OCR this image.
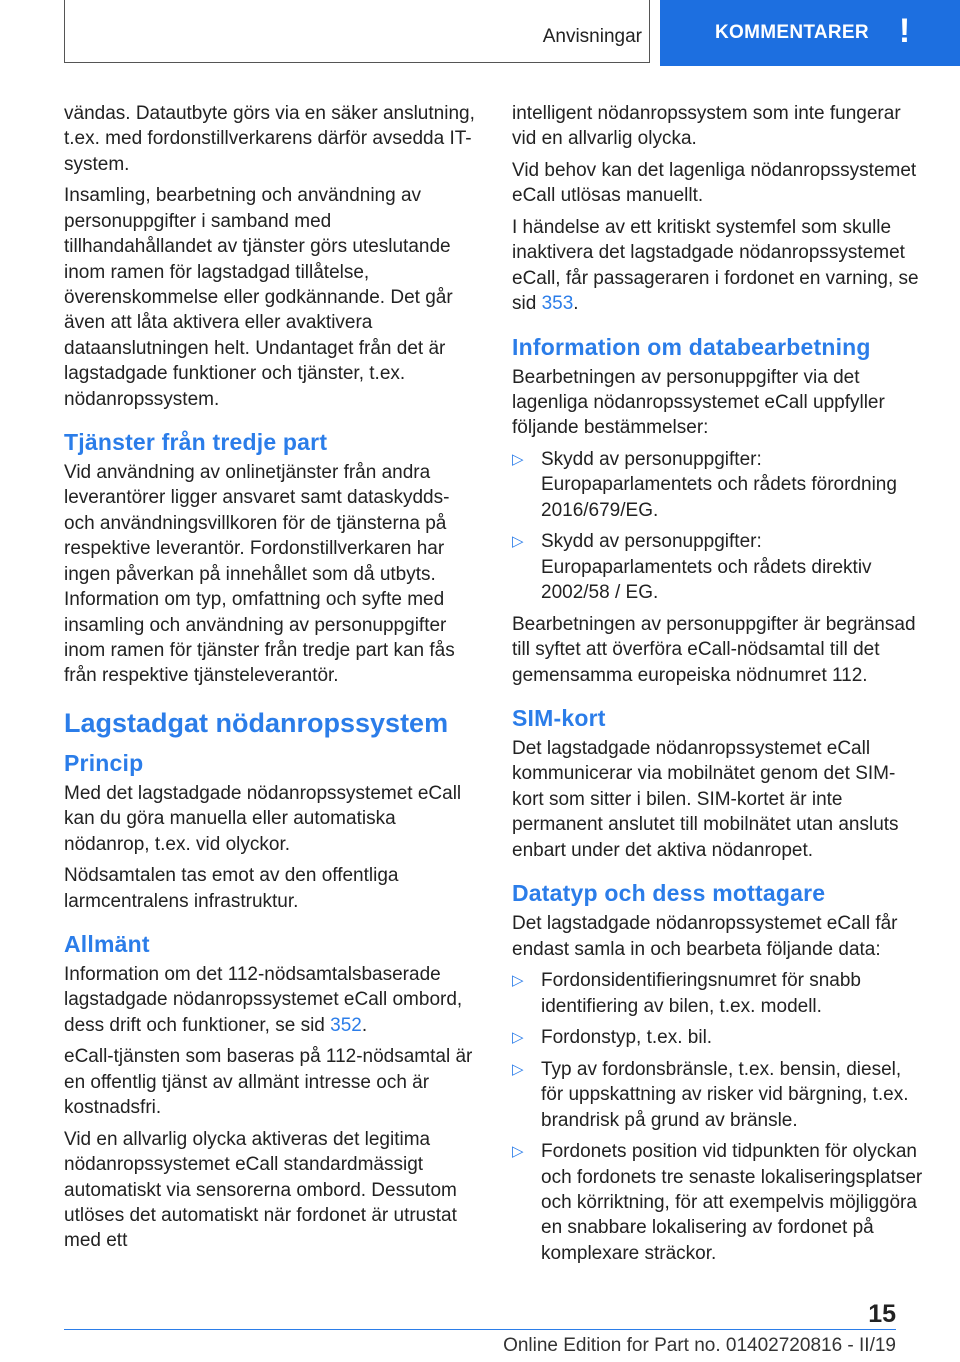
Anvisningar	KOMMENTARER !

vändas. Datautbyte görs via en säker anslutning, t.ex. med fordonstillverkarens därför avsedda IT-system.

Insamling, bearbetning och användning av personuppgifter i samband med tillhandahållandet av tjänster görs uteslutande inom ramen för lagstadgad tillåtelse, överenskommelse eller godkännande. Det går även att låta aktivera eller avaktivera dataanslutningen helt. Undantaget från det är lagstadgade funktioner och tjänster, t.ex. nödanropssystem.

Tjänster från tredje part

Vid användning av onlinetjänster från andra leverantörer ligger ansvaret samt dataskydds- och användningsvillkoren för de tjänsterna på respektive leverantör. Fordonstillverkaren har ingen påverkan på innehållet som då utbyts. Information om typ, omfattning och syfte med insamling och användning av personuppgifter inom ramen för tjänster från tredje part kan fås från respektive tjänsteleverantör.

Lagstadgat nödanropssystem
Princip

Med det lagstadgade nödanropssystemet eCall kan du göra manuella eller automatiska nödanrop, t.ex. vid olyckor.

Nödsamtalen tas emot av den offentliga larmcentralens infrastruktur.

Allmänt

Information om det 112-nödsamtalsbaserade lagstadgade nödanropssystemet eCall ombord, dess drift och funktioner, se sid 352.

eCall-tjänsten som baseras på 112-nödsamtal är en offentlig tjänst av allmänt intresse och är kostnadsfri.

Vid en allvarlig olycka aktiveras det legitima nödanropssystemet eCall standardmässigt automatiskt via sensorerna ombord. Dessutom utlöses det automatiskt när fordonet är utrustat med ett

intelligent nödanropssystem som inte fungerar vid en allvarlig olycka.

Vid behov kan det lagenliga nödanropssystemet eCall utlösas manuellt.

I händelse av ett kritiskt systemfel som skulle inaktivera det lagstadgade nödanropssystemet eCall, får passageraren i fordonet en varning, se sid 353.

Information om databearbetning

Bearbetningen av personuppgifter via det lagenliga nödanropssystemet eCall uppfyller följande bestämmelser:

▷ Skydd av personuppgifter: Europaparlamentets och rådets förordning 2016/679/EG.
▷ Skydd av personuppgifter: Europaparlamentets och rådets direktiv 2002/58 / EG.

Bearbetningen av personuppgifter är begränsad till syftet att överföra eCall-nödsamtal till det gemensamma europeiska nödnumret 112.

SIM-kort

Det lagstadgade nödanropssystemet eCall kommunicerar via mobilnätet genom det SIM-kort som sitter i bilen. SIM-kortet är inte permanent anslutet till mobilnätet utan ansluts enbart under det aktiva nödanropet.

Datatyp och dess mottagare

Det lagstadgade nödanropssystemet eCall får endast samla in och bearbeta följande data:

▷ Fordonsidentifieringsnumret för snabb identifiering av bilen, t.ex. modell.
▷ Fordonstyp, t.ex. bil.
▷ Typ av fordonsbränsle, t.ex. bensin, diesel, för uppskattning av risker vid bärgning, t.ex. brandrisk på grund av bränsle.
▷ Fordonets position vid tidpunkten för olyckan och fordonets tre senaste lokaliseringsplatser och körriktning, för att exempelvis möjliggöra en snabbare lokalisering av fordonet på komplexare sträckor.
15
Online Edition for Part no. 01402720816 - II/19
